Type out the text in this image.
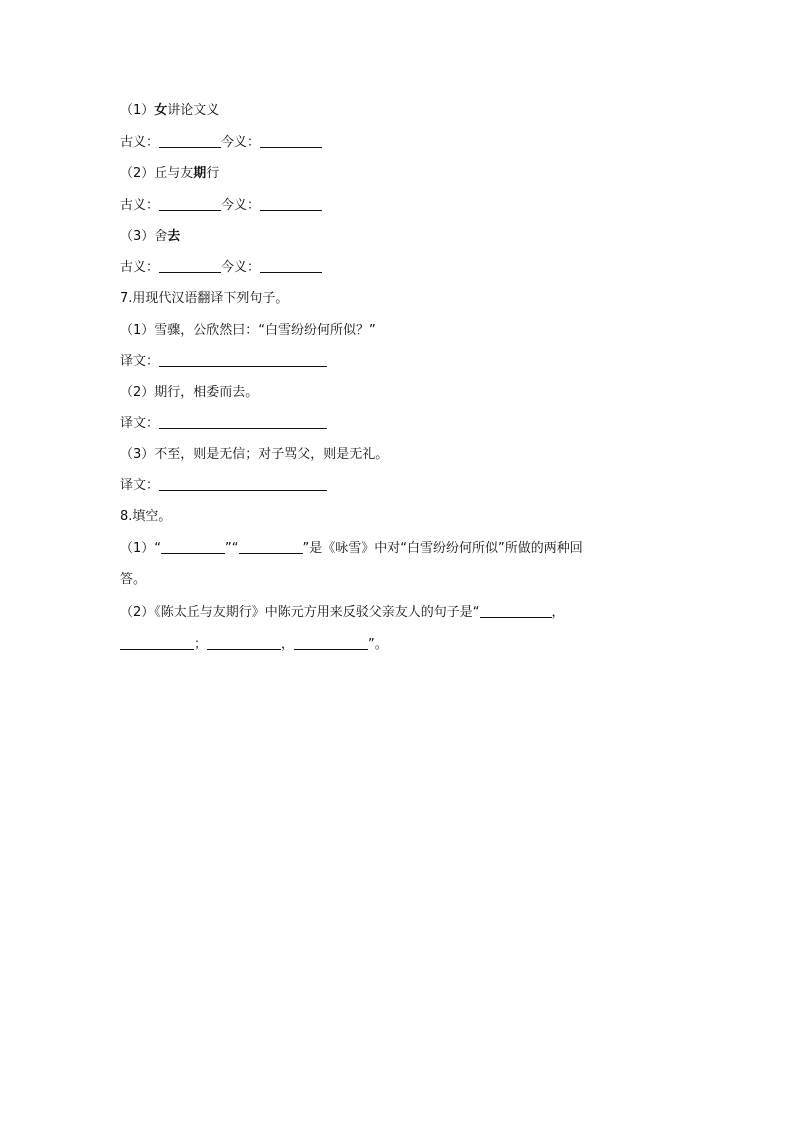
（1）女讲论文义
古义：	今义：
（2）丘与友期行
古义：	今义：
（3）舍去
古义：	今义：
7.用现代汉语翻译下列句子。
（1）雪骤，公欣然曰：“白雪纷纷何所似？”
译文：
（2）期行，相委而去。
译文：
（3）不至，则是无信；对子骂父，则是无礼。
译文：
8.填空。
（1）“	”“	”是《咏雪》中对“白雪纷纷何所似”所做的两种回
答。
（2）《陈太丘与友期行》中陈元方用来反驳父亲友人的句子是“	，
；	，	”。
